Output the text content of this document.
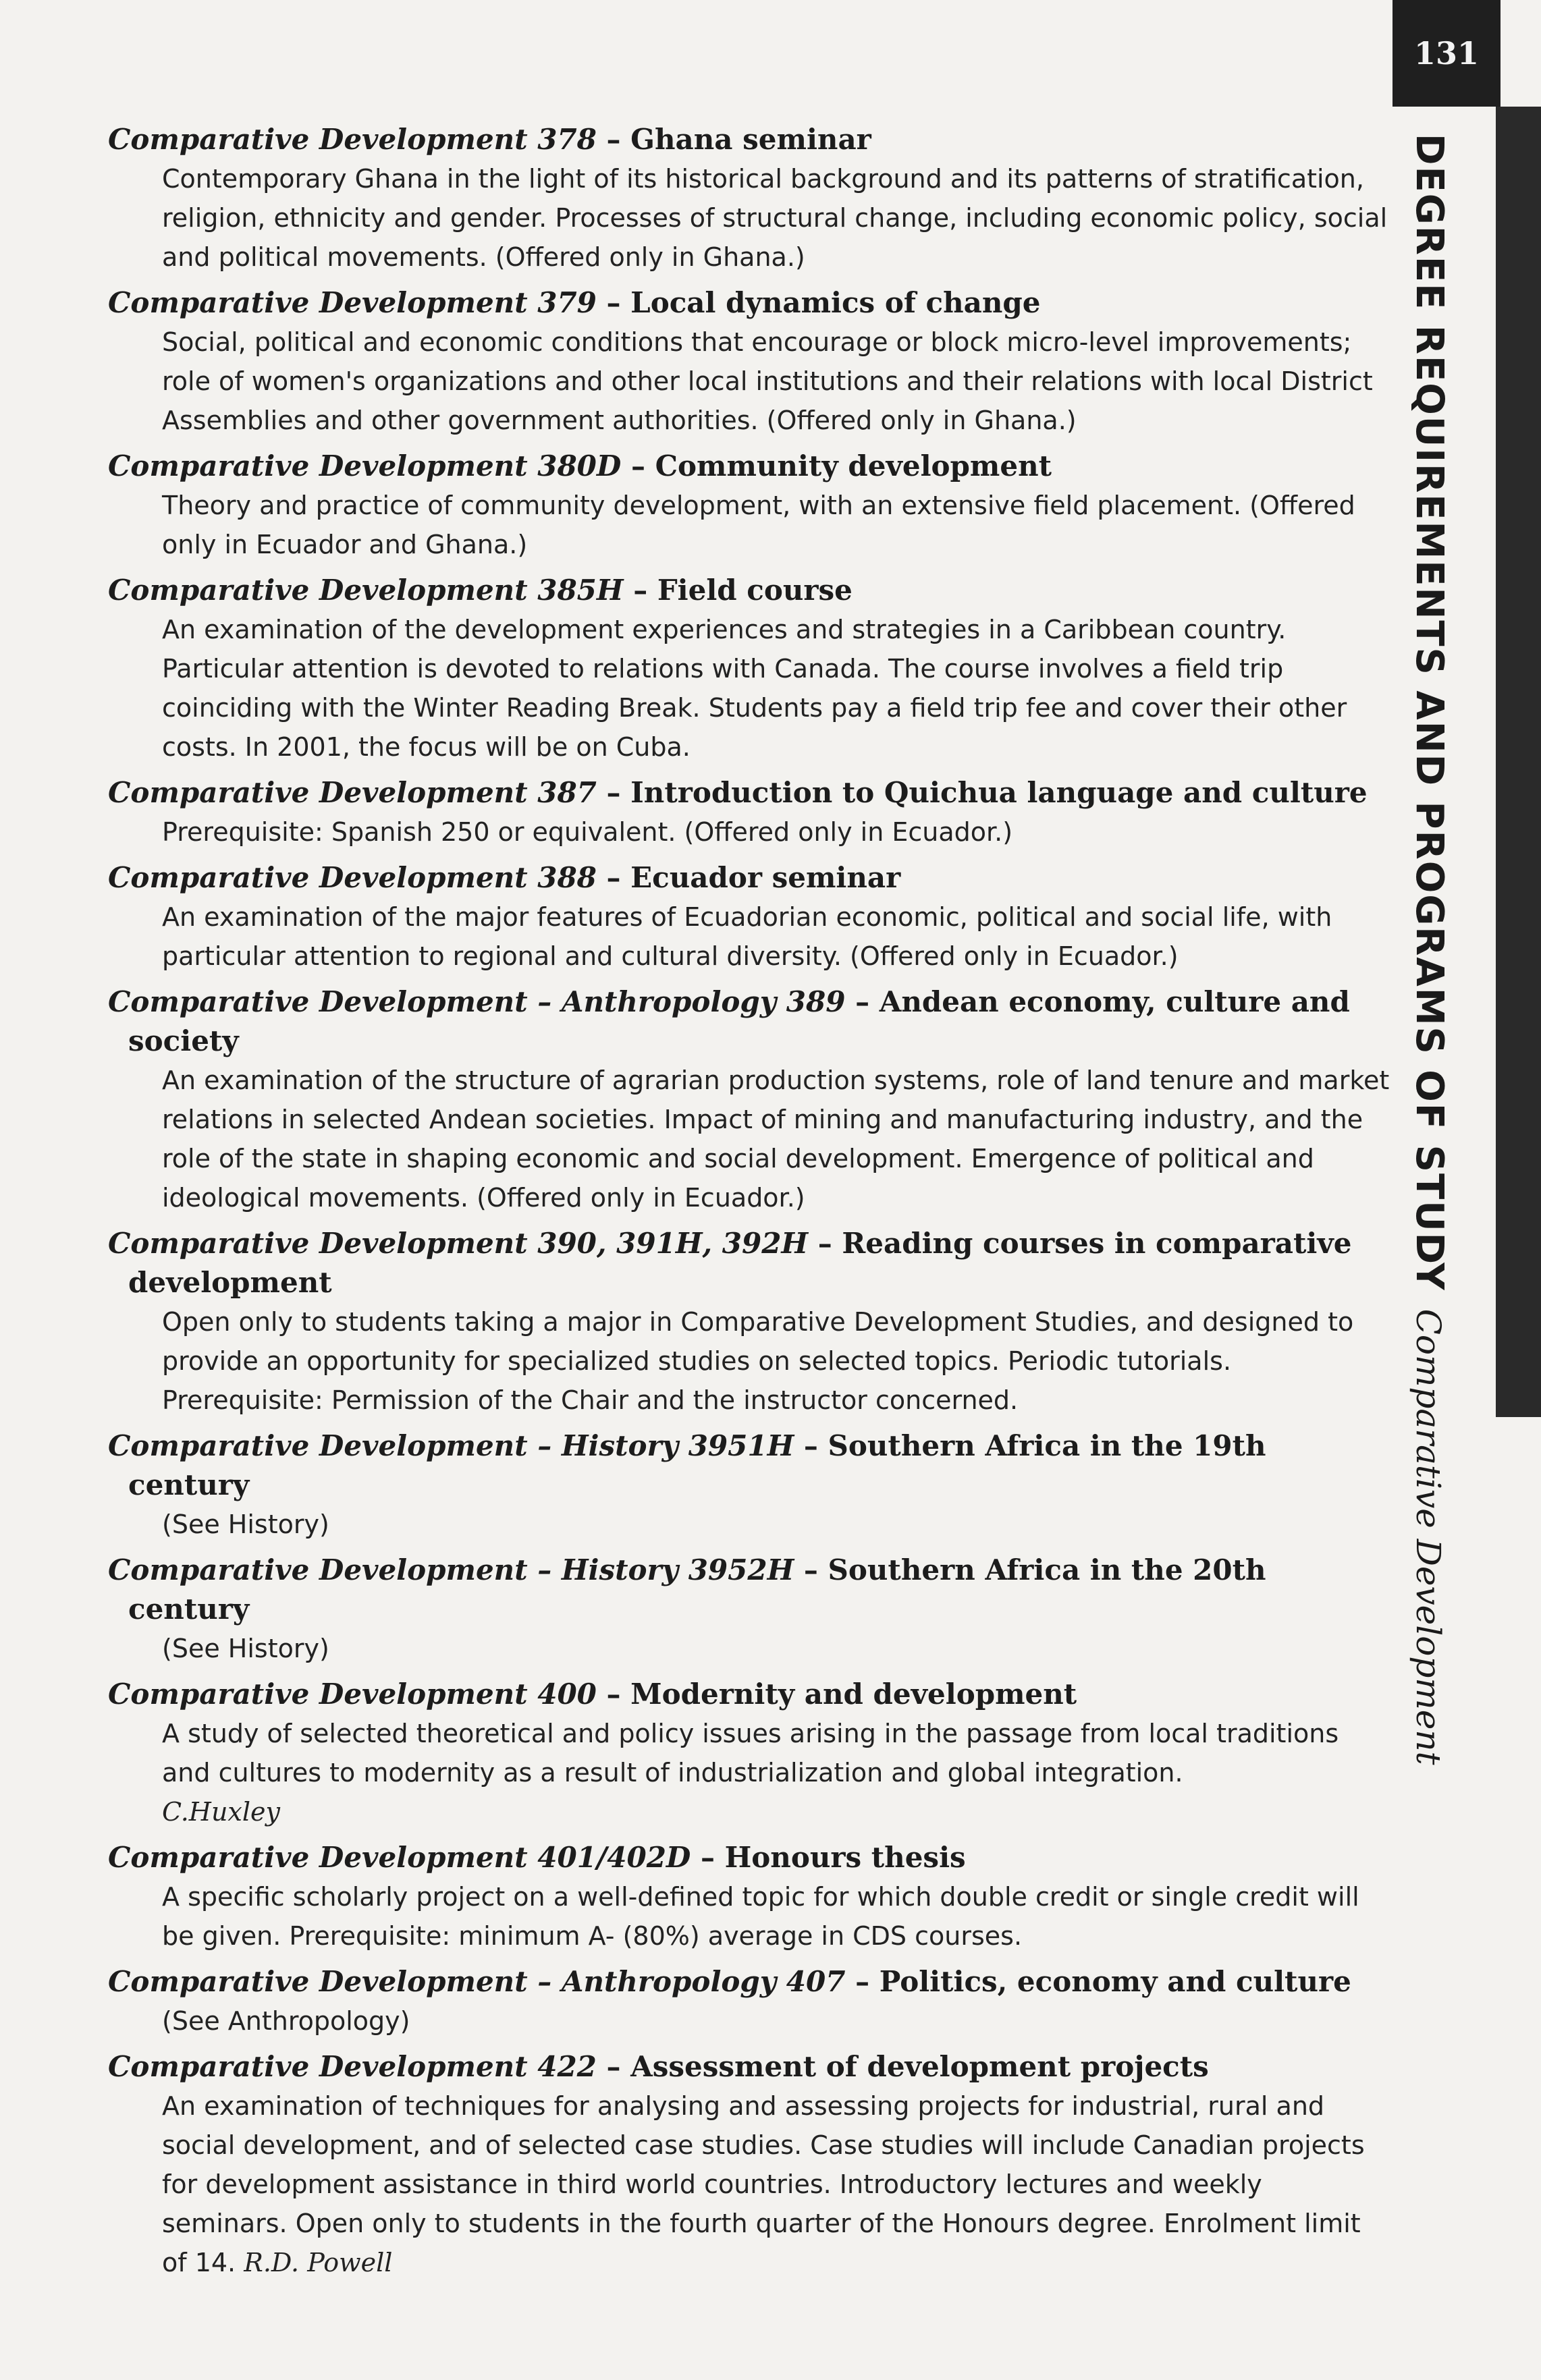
131
DEGREE REQUIREMENTS AND PROGRAMS OF STUDYComparative Development
Comparative Development 378 – Ghana seminar
Contemporary Ghana in the light of its historical background and its patterns of stratification, religion, ethnicity and gender. Processes of structural change, including economic policy, social and political movements. (Offered only in Ghana.)
Comparative Development 379 – Local dynamics of change
Social, political and economic conditions that encourage or block micro-level improvements; role of women's organizations and other local institutions and their relations with local District Assemblies and other government authorities. (Offered only in Ghana.)
Comparative Development 380D – Community development
Theory and practice of community development, with an extensive field placement. (Offered only in Ecuador and Ghana.)
Comparative Development 385H – Field course
An examination of the development experiences and strategies in a Caribbean country. Particular attention is devoted to relations with Canada. The course involves a field trip coinciding with the Winter Reading Break. Students pay a field trip fee and cover their other costs. In 2001, the focus will be on Cuba.
Comparative Development 387 – Introduction to Quichua language and culture
Prerequisite: Spanish 250 or equivalent. (Offered only in Ecuador.)
Comparative Development 388 – Ecuador seminar
An examination of the major features of Ecuadorian economic, political and social life, with particular attention to regional and cultural diversity. (Offered only in Ecuador.)
Comparative Development – Anthropology 389 – Andean economy, culture and society
An examination of the structure of agrarian production systems, role of land tenure and market relations in selected Andean societies. Impact of mining and manufacturing industry, and the role of the state in shaping economic and social development. Emergence of political and ideological movements. (Offered only in Ecuador.)
Comparative Development 390, 391H, 392H – Reading courses in comparative development
Open only to students taking a major in Comparative Development Studies, and designed to provide an opportunity for specialized studies on selected topics. Periodic tutorials. Prerequisite: Permission of the Chair and the instructor concerned.
Comparative Development – History 3951H – Southern Africa in the 19th century
(See History)
Comparative Development – History 3952H – Southern Africa in the 20th century
(See History)
Comparative Development 400 – Modernity and development
A study of selected theoretical and policy issues arising in the passage from local traditions and cultures to modernity as a result of industrialization and global integration.
C.Huxley
Comparative Development 401/402D – Honours thesis
A specific scholarly project on a well-defined topic for which double credit or single credit will be given. Prerequisite: minimum A- (80%) average in CDS courses.
Comparative Development – Anthropology 407 – Politics, economy and culture
(See Anthropology)
Comparative Development 422 – Assessment of development projects
An examination of techniques for analysing and assessing projects for industrial, rural and social development, and of selected case studies. Case studies will include Canadian projects for development assistance in third world countries. Introductory lectures and weekly seminars. Open only to students in the fourth quarter of the Honours degree. Enrolment limit of 14. R.D. Powell
